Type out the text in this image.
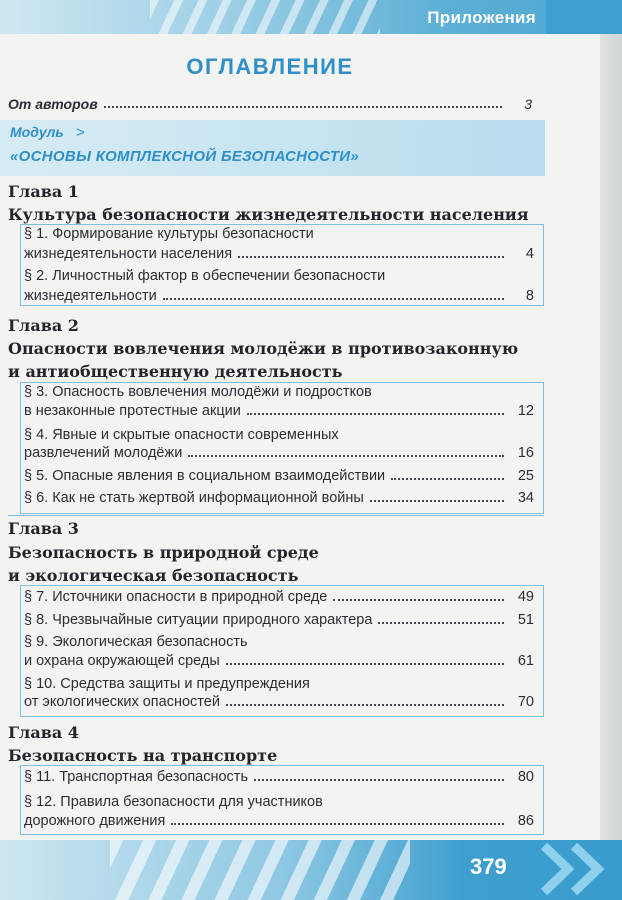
Приложения
ОГЛАВЛЕНИЕ
От авторов	3
Модуль >
«ОСНОВЫ КОМПЛЕКСНОЙ БЕЗОПАСНОСТИ»
Глава 1
Культура безопасности жизнедеятельности населения
§ 1. Формирование культуры безопасности
жизнедеятельности населения	4
§ 2. Личностный фактор в обеспечении безопасности
жизнедеятельности	8
Глава 2
Опасности вовлечения молодёжи в противозаконную
и антиобщественную деятельность
§ 3. Опасность вовлечения молодёжи и подростков
в незаконные протестные акции	12
§ 4. Явные и скрытые опасности современных
развлечений молодёжи	16
§ 5. Опасные явления в социальном взаимодействии	25
§ 6. Как не стать жертвой информационной войны	34
Глава 3
Безопасность в природной среде
и экологическая безопасность
§ 7. Источники опасности в природной среде	49
§ 8. Чрезвычайные ситуации природного характера	51
§ 9. Экологическая безопасность
и охрана окружающей среды	61
§ 10. Средства защиты и предупреждения
от экологических опасностей	70
Глава 4
Безопасность на транспорте
§ 11. Транспортная безопасность	80
§ 12. Правила безопасности для участников
дорожного движения	86
379
